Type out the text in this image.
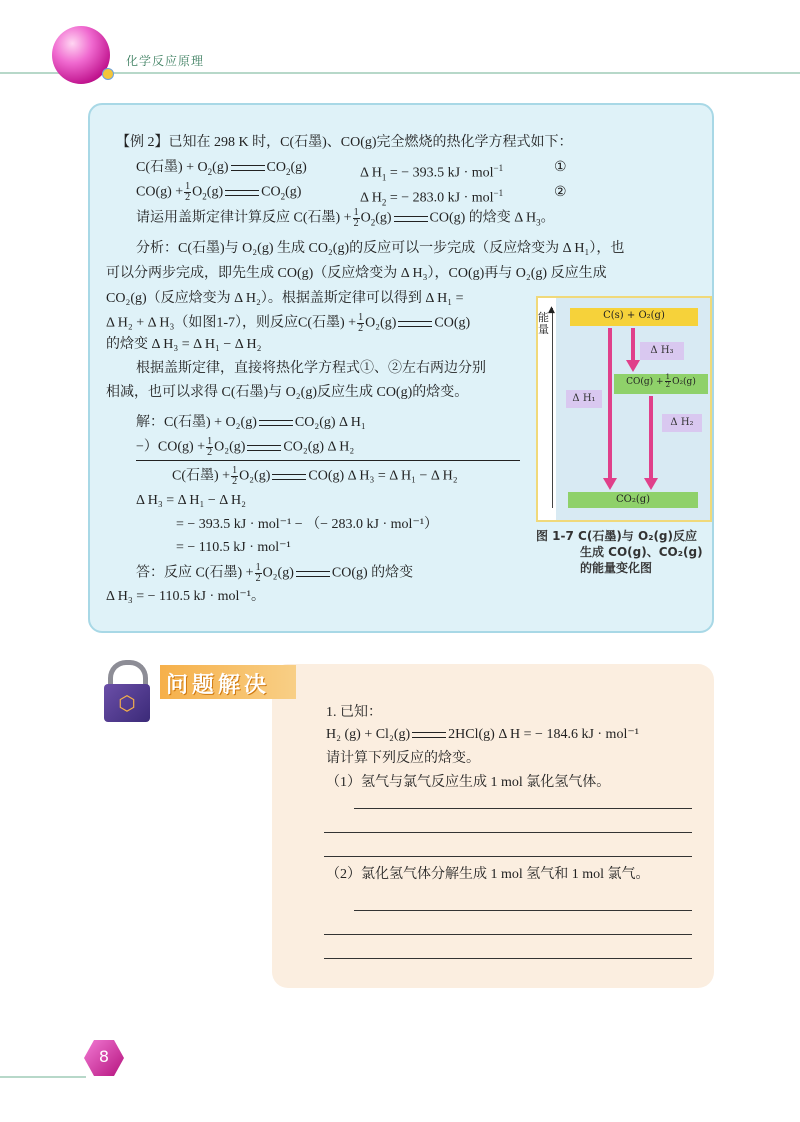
化学反应原理
【例 2】已知在 298 K 时，C(石墨)、CO(g)完全燃烧的热化学方程式如下：
C(石墨) + $O_2(g)$	$CO_2(g)$	Δ $H_1$ = − 393.5 kJ · mol$^{-1}$	①
$CO(g) + \frac{1}{2} O_2(g)$	$CO_2(g)$	Δ $H_2$ = − 283.0 kJ · mol$^{-1}$	②
请运用盖斯定律计算反应 C(石墨) + $\frac{1}{2} O_2(g)$	CO(g) 的焓变 Δ $H_3$。
分析：C(石墨)与 O₂(g) 生成 CO₂(g)的反应可以一步完成（反应焓变为 Δ H₁），也
可以分两步完成，即先生成 CO(g)（反应焓变为 Δ H₃），CO(g)再与 O₂(g) 反应生成
CO₂(g)（反应焓变为 Δ H₂）。根据盖斯定律可以得到 Δ H₁ =
Δ H₂ + Δ H₃（如图1-7），则反应C(石墨) + $\frac{1}{2} O_2(g)$	CO(g)
的焓变 Δ H₃ = Δ H₁ − Δ H₂
根据盖斯定律，直接将热化学方程式①、②左右两边分别
相减，也可以求得 C(石墨)与 O₂(g)反应生成 CO(g)的焓变。
解：C(石墨) + O₂(g)	CO₂(g) Δ H₁
$-)CO(g) + \frac{1}{2} O_2(g)$	CO₂(g) Δ H₂
C(石墨) + $\frac{1}{2} O_2(g)$	CO(g) Δ H₃ = Δ H₁ − Δ H₂
Δ H₃ = Δ H₁ − Δ H₂
= − 393.5 kJ · mol⁻¹ − （− 283.0 kJ · mol⁻¹）
= − 110.5 kJ · mol⁻¹
答：反应 C(石墨) + $\frac{1}{2} O_2(g)$	CO(g) 的焓变
Δ H₃ = − 110.5 kJ · mol⁻¹。
能量
▲	C(s) + O₂(g)
$CO(g) + \frac{1}{2} O_2(g)$
CO₂(g)
Δ H₁
Δ H₃
Δ H₂
图 1-7 C(石墨)与 O₂(g)反应
生成 CO(g)、CO₂(g)
的能量变化图
问题解决
⬡	1. 已知：
H₂ (g) + Cl₂(g)	2HCl(g) Δ H = − 184.6 kJ · mol⁻¹
请计算下列反应的焓变。
（1）氢气与氯气反应生成 1 mol 氯化氢气体。
（2）氯化氢气体分解生成 1 mol 氢气和 1 mol 氯气。
8
